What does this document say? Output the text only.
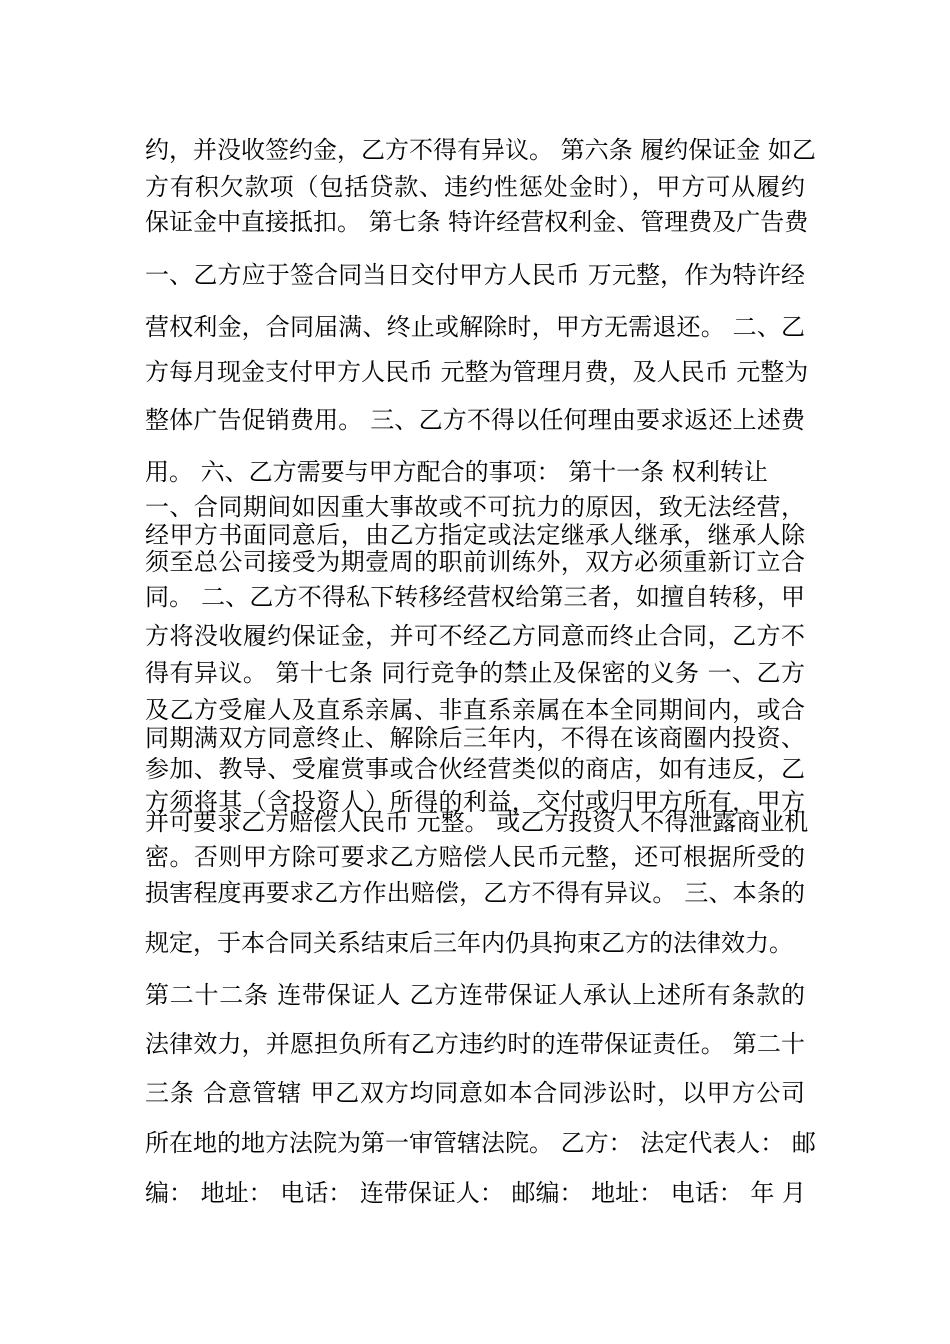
约，并没收签约金，乙方不得有异议。 第六条 履约保证金 如乙
方有积欠款项（包括贷款、违约性惩处金时），甲方可从履约
保证金中直接抵扣。 第七条 特许经营权利金、管理费及广告费
一、乙方应于签合同当日交付甲方人民币 万元整，作为特许经
营权利金，合同届满、终止或解除时，甲方无需退还。 二、乙
方每月现金支付甲方人民币 元整为管理月费，及人民币 元整为
整体广告促销费用。 三、乙方不得以任何理由要求返还上述费
用。 六、乙方需要与甲方配合的事项： 第十一条 权利转让
一、合同期间如因重大事故或不可抗力的原因，致无法经营，
经甲方书面同意后，由乙方指定或法定继承人继承，继承人除
须至总公司接受为期壹周的职前训练外，双方必须重新订立合
同。 二、乙方不得私下转移经营权给第三者，如擅自转移，甲
方将没收履约保证金，并可不经乙方同意而终止合同，乙方不
得有异议。 第十七条 同行竞争的禁止及保密的义务 一、乙方
及乙方受雇人及直系亲属、非直系亲属在本全同期间内，或合
同期满双方同意终止、解除后三年内，不得在该商圈内投资、
参加、教导、受雇赏事或合伙经营类似的商店，如有违反，乙
方须将其（含投资人）所得的利益，交付或归甲方所有，甲方
并可要求乙方赔偿人民币 元整。 或乙方投资人不得泄露商业机
密。否则甲方除可要求乙方赔偿人民币元整，还可根据所受的
损害程度再要求乙方作出赔偿，乙方不得有异议。 三、本条的
规定，于本合同关系结束后三年内仍具拘束乙方的法律效力。
第二十二条 连带保证人 乙方连带保证人承认上述所有条款的
法律效力，并愿担负所有乙方违约时的连带保证责任。 第二十
三条 合意管辖 甲乙双方均同意如本合同涉讼时，以甲方公司
所在地的地方法院为第一审管辖法院。 乙方： 法定代表人： 邮
编： 地址： 电话： 连带保证人： 邮编： 地址： 电话： 年 月
